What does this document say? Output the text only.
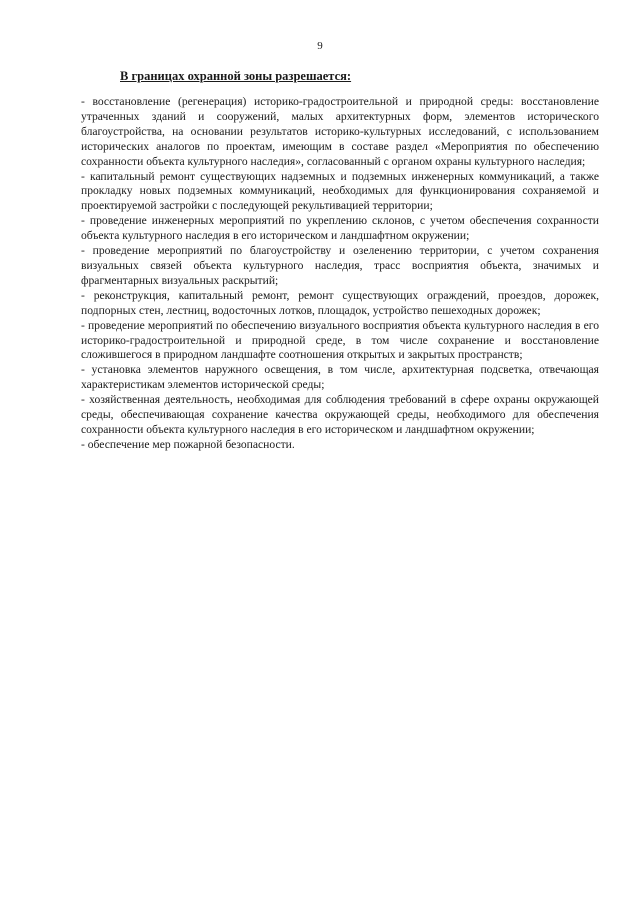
9
В границах охранной зоны разрешается:

- восстановление (регенерация) историко-градостроительной и природной среды: восстановление утраченных зданий и сооружений, малых архитектурных форм, элементов исторического благоустройства, на основании результатов историко-культурных исследований, с использованием исторических аналогов по проектам, имеющим в составе раздел «Мероприятия по обеспечению сохранности объекта культурного наследия», согласованный с органом охраны культурного наследия;

- капитальный ремонт существующих надземных и подземных инженерных коммуникаций, а также прокладку новых подземных коммуникаций, необходимых для функционирования сохраняемой и проектируемой застройки с последующей рекультивацией территории;

- проведение инженерных мероприятий по укреплению склонов, с учетом обеспечения сохранности объекта культурного наследия в его историческом и ландшафтном окружении;

- проведение мероприятий по благоустройству и озеленению территории, с учетом сохранения визуальных связей объекта культурного наследия, трасс восприятия объекта, значимых и фрагментарных визуальных раскрытий;

- реконструкция, капитальный ремонт, ремонт существующих ограждений, проездов, дорожек, подпорных стен, лестниц, водосточных лотков, площадок, устройство пешеходных дорожек;

- проведение мероприятий по обеспечению визуального восприятия объекта культурного наследия в его историко-градостроительной и природной среде, в том числе сохранение и восстановление сложившегося в природном ландшафте соотношения открытых и закрытых пространств;

- установка элементов наружного освещения, в том числе, архитектурная подсветка, отвечающая характеристикам элементов исторической среды;

- хозяйственная деятельность, необходимая для соблюдения требований в сфере охраны окружающей среды, обеспечивающая сохранение качества окружающей среды, необходимого для обеспечения сохранности объекта культурного наследия в его историческом и ландшафтном окружении;

- обеспечение мер пожарной безопасности.
